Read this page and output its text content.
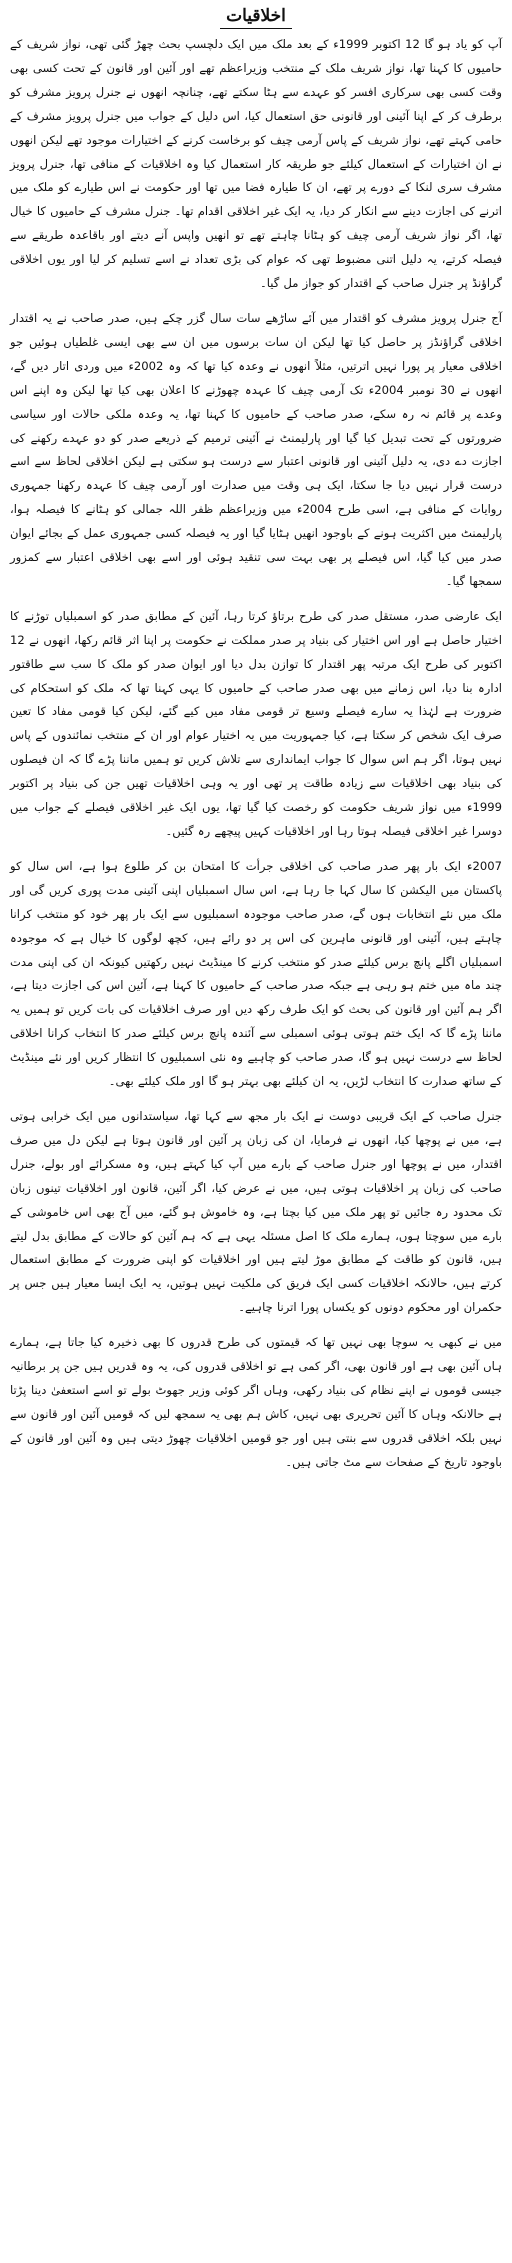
اخلاقیات

آپ کو یاد ہو گا 12 اکتوبر 1999ء کے بعد ملک میں ایک دلچسپ بحث چھڑ گئی تھی، نواز شریف کے حامیوں کا کہنا تھا، نواز شریف ملک کے منتخب وزیراعظم تھے اور آئین اور قانون کے تحت کسی بھی وقت کسی بھی سرکاری افسر کو عہدے سے ہٹا سکتے تھے، چنانچہ انھوں نے جنرل پرویز مشرف کو برطرف کر کے اپنا آئینی اور قانونی حق استعمال کیا، اس دلیل کے جواب میں جنرل پرویز مشرف کے حامی کہتے تھے، نواز شریف کے پاس آرمی چیف کو برخاست کرنے کے اختیارات موجود تھے لیکن انھوں نے ان اختیارات کے استعمال کیلئے جو طریقہ کار استعمال کیا وہ اخلاقیات کے منافی تھا، جنرل پرویز مشرف سری لنکا کے دورے پر تھے، ان کا طیارہ فضا میں تھا اور حکومت نے اس طیارے کو ملک میں اترنے کی اجازت دینے سے انکار کر دیا، یہ ایک غیر اخلاقی اقدام تھا۔ جنرل مشرف کے حامیوں کا خیال تھا، اگر نواز شریف آرمی چیف کو ہٹانا چاہتے تھے تو انھیں واپس آنے دیتے اور باقاعدہ طریقے سے فیصلہ کرتے، یہ دلیل اتنی مضبوط تھی کہ عوام کی بڑی تعداد نے اسے تسلیم کر لیا اور یوں اخلاقی گراؤنڈ پر جنرل صاحب کے اقتدار کو جواز مل گیا۔

آج جنرل پرویز مشرف کو اقتدار میں آئے ساڑھے سات سال گزر چکے ہیں، صدر صاحب نے یہ اقتدار اخلاقی گراؤنڈز پر حاصل کیا تھا لیکن ان سات برسوں میں ان سے بھی ایسی غلطیاں ہوئیں جو اخلاقی معیار پر پورا نہیں اترتیں، مثلاً انھوں نے وعدہ کیا تھا کہ وہ 2002ء میں وردی اتار دیں گے، انھوں نے 30 نومبر 2004ء تک آرمی چیف کا عہدہ چھوڑنے کا اعلان بھی کیا تھا لیکن وہ اپنے اس وعدے پر قائم نہ رہ سکے، صدر صاحب کے حامیوں کا کہنا تھا، یہ وعدہ ملکی حالات اور سیاسی ضرورتوں کے تحت تبدیل کیا گیا اور پارلیمنٹ نے آئینی ترمیم کے ذریعے صدر کو دو عہدے رکھنے کی اجازت دے دی، یہ دلیل آئینی اور قانونی اعتبار سے درست ہو سکتی ہے لیکن اخلاقی لحاظ سے اسے درست قرار نہیں دیا جا سکتا، ایک ہی وقت میں صدارت اور آرمی چیف کا عہدہ رکھنا جمہوری روایات کے منافی ہے، اسی طرح 2004ء میں وزیراعظم ظفر اللہ جمالی کو ہٹانے کا فیصلہ ہوا، پارلیمنٹ میں اکثریت ہونے کے باوجود انھیں ہٹایا گیا اور یہ فیصلہ کسی جمہوری عمل کے بجائے ایوان صدر میں کیا گیا، اس فیصلے پر بھی بہت سی تنقید ہوئی اور اسے بھی اخلاقی اعتبار سے کمزور سمجھا گیا۔

ایک عارضی صدر، مستقل صدر کی طرح برتاؤ کرتا رہا، آئین کے مطابق صدر کو اسمبلیاں توڑنے کا اختیار حاصل ہے اور اس اختیار کی بنیاد پر صدر مملکت نے حکومت پر اپنا اثر قائم رکھا، انھوں نے 12 اکتوبر کی طرح ایک مرتبہ پھر اقتدار کا توازن بدل دیا اور ایوان صدر کو ملک کا سب سے طاقتور ادارہ بنا دیا، اس زمانے میں بھی صدر صاحب کے حامیوں کا یہی کہنا تھا کہ ملک کو استحکام کی ضرورت ہے لہٰذا یہ سارے فیصلے وسیع تر قومی مفاد میں کیے گئے، لیکن کیا قومی مفاد کا تعین صرف ایک شخص کر سکتا ہے، کیا جمہوریت میں یہ اختیار عوام اور ان کے منتخب نمائندوں کے پاس نہیں ہوتا، اگر ہم اس سوال کا جواب ایمانداری سے تلاش کریں تو ہمیں ماننا پڑے گا کہ ان فیصلوں کی بنیاد بھی اخلاقیات سے زیادہ طاقت پر تھی اور یہ وہی اخلاقیات تھیں جن کی بنیاد پر اکتوبر 1999ء میں نواز شریف حکومت کو رخصت کیا گیا تھا، یوں ایک غیر اخلاقی فیصلے کے جواب میں دوسرا غیر اخلاقی فیصلہ ہوتا رہا اور اخلاقیات کہیں پیچھے رہ گئیں۔

2007ء ایک بار پھر صدر صاحب کی اخلاقی جرأت کا امتحان بن کر طلوع ہوا ہے، اس سال کو پاکستان میں الیکشن کا سال کہا جا رہا ہے، اس سال اسمبلیاں اپنی آئینی مدت پوری کریں گی اور ملک میں نئے انتخابات ہوں گے، صدر صاحب موجودہ اسمبلیوں سے ایک بار پھر خود کو منتخب کرانا چاہتے ہیں، آئینی اور قانونی ماہرین کی اس پر دو رائے ہیں، کچھ لوگوں کا خیال ہے کہ موجودہ اسمبلیاں اگلے پانچ برس کیلئے صدر کو منتخب کرنے کا مینڈیٹ نہیں رکھتیں کیونکہ ان کی اپنی مدت چند ماہ میں ختم ہو رہی ہے جبکہ صدر صاحب کے حامیوں کا کہنا ہے، آئین اس کی اجازت دیتا ہے، اگر ہم آئین اور قانون کی بحث کو ایک طرف رکھ دیں اور صرف اخلاقیات کی بات کریں تو ہمیں یہ ماننا پڑے گا کہ ایک ختم ہوتی ہوئی اسمبلی سے آئندہ پانچ برس کیلئے صدر کا انتخاب کرانا اخلاقی لحاظ سے درست نہیں ہو گا، صدر صاحب کو چاہیے وہ نئی اسمبلیوں کا انتظار کریں اور نئے مینڈیٹ کے ساتھ صدارت کا انتخاب لڑیں، یہ ان کیلئے بھی بہتر ہو گا اور ملک کیلئے بھی۔

جنرل صاحب کے ایک قریبی دوست نے ایک بار مجھ سے کہا تھا، سیاستدانوں میں ایک خرابی ہوتی ہے، میں نے پوچھا کیا، انھوں نے فرمایا، ان کی زبان پر آئین اور قانون ہوتا ہے لیکن دل میں صرف اقتدار، میں نے پوچھا اور جنرل صاحب کے بارے میں آپ کیا کہتے ہیں، وہ مسکرائے اور بولے، جنرل صاحب کی زبان پر اخلاقیات ہوتی ہیں، میں نے عرض کیا، اگر آئین، قانون اور اخلاقیات تینوں زبان تک محدود رہ جائیں تو پھر ملک میں کیا بچتا ہے، وہ خاموش ہو گئے، میں آج بھی اس خاموشی کے بارے میں سوچتا ہوں، ہمارے ملک کا اصل مسئلہ یہی ہے کہ ہم آئین کو حالات کے مطابق بدل لیتے ہیں، قانون کو طاقت کے مطابق موڑ لیتے ہیں اور اخلاقیات کو اپنی ضرورت کے مطابق استعمال کرتے ہیں، حالانکہ اخلاقیات کسی ایک فریق کی ملکیت نہیں ہوتیں، یہ ایک ایسا معیار ہیں جس پر حکمران اور محکوم دونوں کو یکساں پورا اترنا چاہیے۔

میں نے کبھی یہ سوچا بھی نہیں تھا کہ قیمتوں کی طرح قدروں کا بھی ذخیرہ کیا جاتا ہے، ہمارے ہاں آئین بھی ہے اور قانون بھی، اگر کمی ہے تو اخلاقی قدروں کی، یہ وہ قدریں ہیں جن پر برطانیہ جیسی قوموں نے اپنے نظام کی بنیاد رکھی، وہاں اگر کوئی وزیر جھوٹ بولے تو اسے استعفیٰ دینا پڑتا ہے حالانکہ وہاں کا آئین تحریری بھی نہیں، کاش ہم بھی یہ سمجھ لیں کہ قومیں آئین اور قانون سے نہیں بلکہ اخلاقی قدروں سے بنتی ہیں اور جو قومیں اخلاقیات چھوڑ دیتی ہیں وہ آئین اور قانون کے باوجود تاریخ کے صفحات سے مٹ جاتی ہیں۔
